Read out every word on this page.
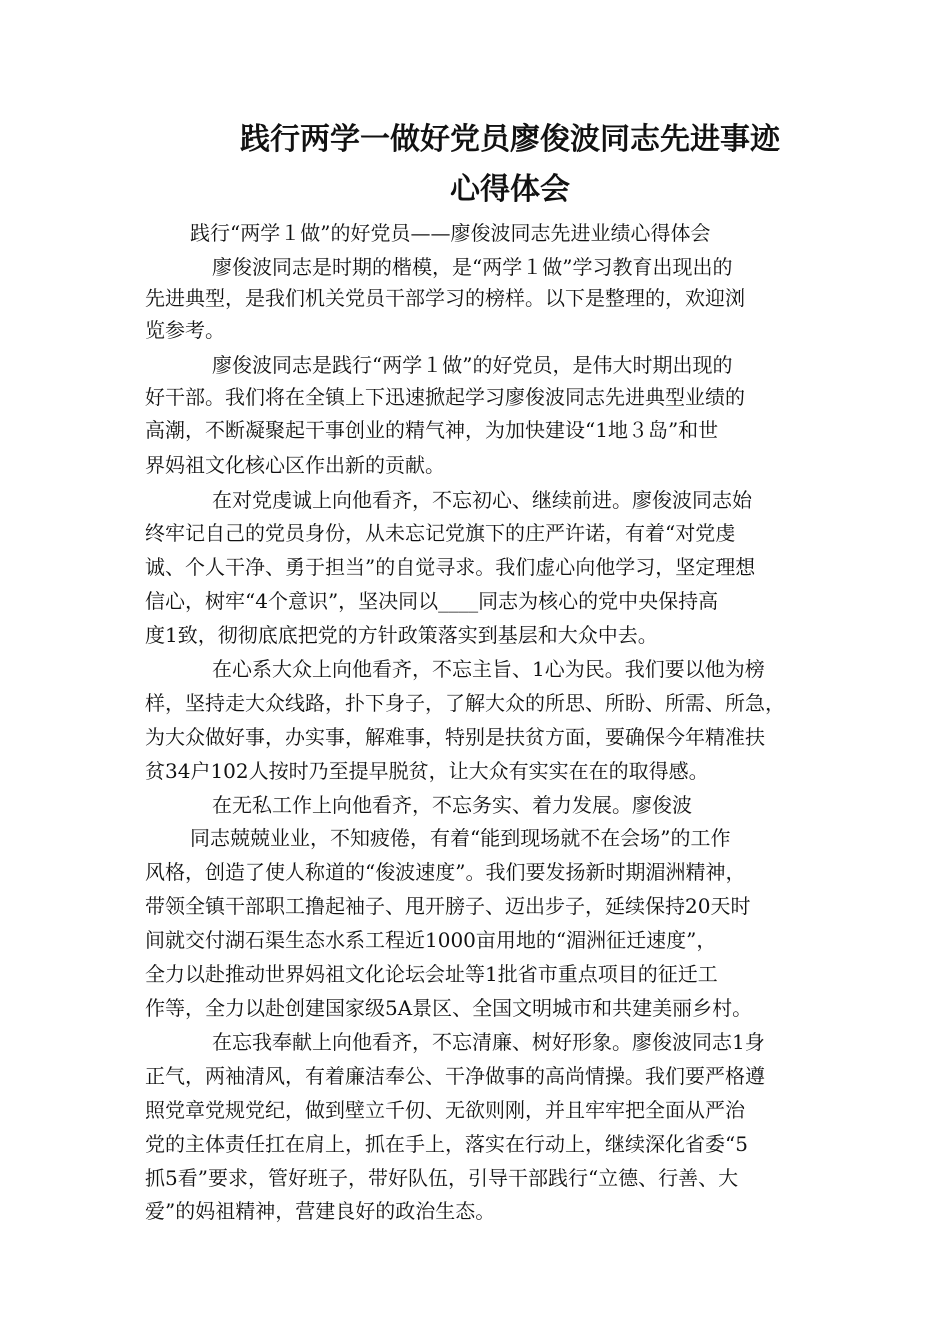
践行两学一做好党员廖俊波同志先进事迹
心得体会
践行“两学１做”的好党员——廖俊波同志先进业绩心得体会
廖俊波同志是时期的楷模，是“两学１做”学习教育出现出的
先进典型，是我们机关党员干部学习的榜样。以下是整理的，欢迎浏
览参考。
廖俊波同志是践行“两学１做”的好党员，是伟大时期出现的
好干部。我们将在全镇上下迅速掀起学习廖俊波同志先进典型业绩的
高潮，不断凝聚起干事创业的精气神，为加快建设“1地３岛”和世
界妈祖文化核心区作出新的贡献。
在对党虔诚上向他看齐，不忘初心、继续前进。廖俊波同志始
终牢记自己的党员身份，从未忘记党旗下的庄严许诺，有着“对党虔
诚、个人干净、勇于担当”的自觉寻求。我们虚心向他学习，坚定理想
信心，树牢“4个意识”，坚决同以____同志为核心的党中央保持高
度1致，彻彻底底把党的方针政策落实到基层和大众中去。
在心系大众上向他看齐，不忘主旨、1心为民。我们要以他为榜
样，坚持走大众线路，扑下身子，了解大众的所思、所盼、所需、所急，
为大众做好事，办实事，解难事，特别是扶贫方面，要确保今年精准扶
贫34户102人按时乃至提早脱贫，让大众有实实在在的取得感。
在无私工作上向他看齐，不忘务实、着力发展。廖俊波
同志兢兢业业，不知疲倦，有着“能到现场就不在会场”的工作
风格，创造了使人称道的“俊波速度”。我们要发扬新时期湄洲精神，
带领全镇干部职工撸起袖子、甩开膀子、迈出步子，延续保持20天时
间就交付湖石渠生态水系工程近1000亩用地的“湄洲征迁速度”，
全力以赴推动世界妈祖文化论坛会址等1批省市重点项目的征迁工
作等，全力以赴创建国家级5A景区、全国文明城市和共建美丽乡村。
在忘我奉献上向他看齐，不忘清廉、树好形象。廖俊波同志1身
正气，两袖清风，有着廉洁奉公、干净做事的高尚情操。我们要严格遵
照党章党规党纪，做到壁立千仞、无欲则刚，并且牢牢把全面从严治
党的主体责任扛在肩上，抓在手上，落实在行动上，继续深化省委“5
抓5看”要求，管好班子，带好队伍，引导干部践行“立德、行善、大
爱”的妈祖精神，营建良好的政治生态。
